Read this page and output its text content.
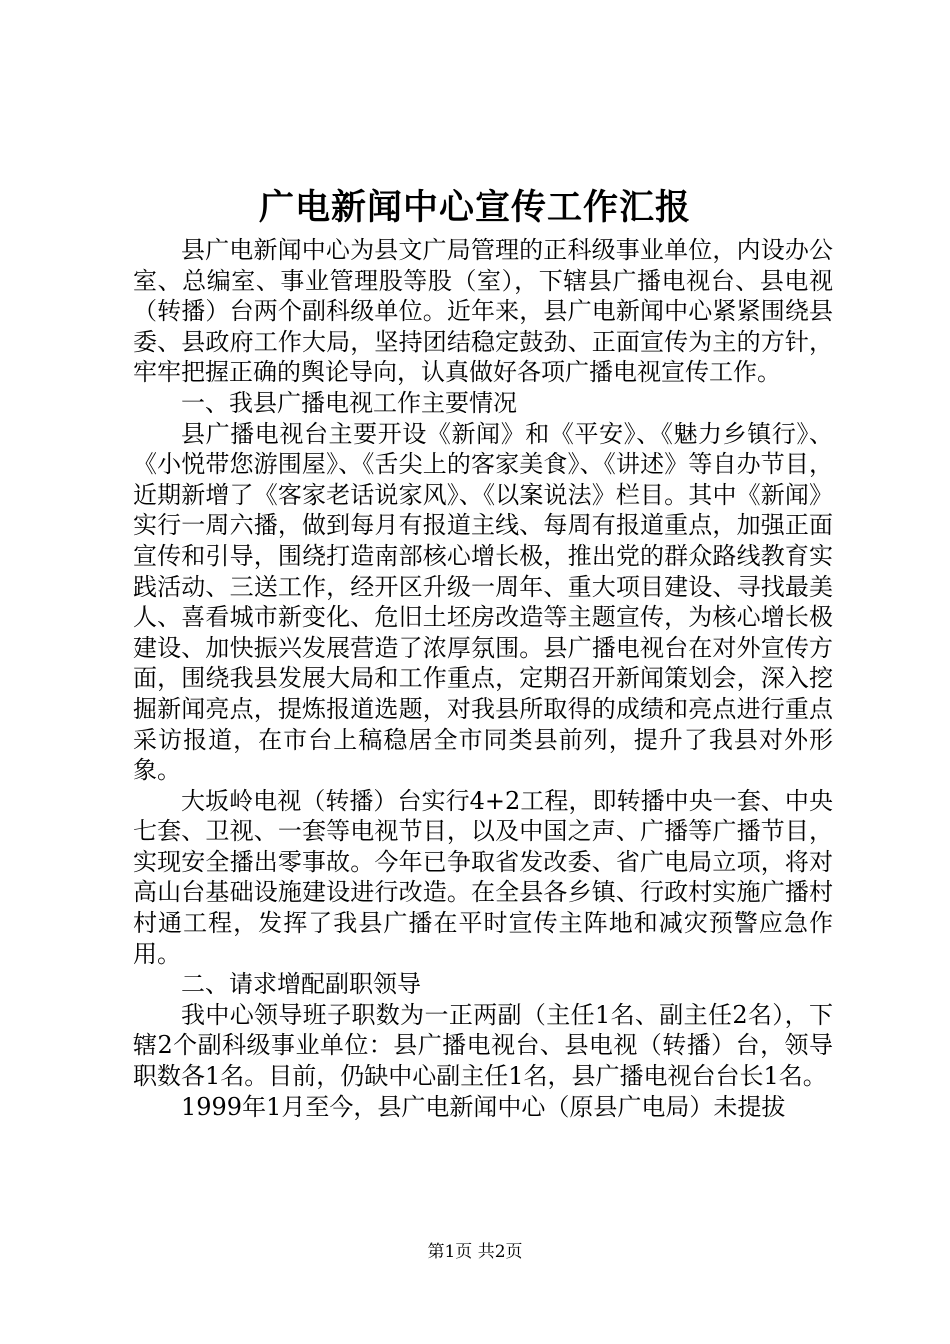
广电新闻中心宣传工作汇报

县广电新闻中心为县文广局管理的正科级事业单位，内设办公室、总编室、事业管理股等股（室），下辖县广播电视台、县电视（转播）台两个副科级单位。近年来，县广电新闻中心紧紧围绕县委、县政府工作大局，坚持团结稳定鼓劲、正面宣传为主的方针，牢牢把握正确的舆论导向，认真做好各项广播电视宣传工作。

一、我县广播电视工作主要情况

县广播电视台主要开设《新闻》和《平安》、《魅力乡镇行》、《小悦带您游围屋》、《舌尖上的客家美食》、《讲述》等自办节目，近期新增了《客家老话说家风》、《以案说法》栏目。其中《新闻》实行一周六播，做到每月有报道主线、每周有报道重点，加强正面宣传和引导，围绕打造南部核心增长极，推出党的群众路线教育实践活动、三送工作，经开区升级一周年、重大项目建设、寻找最美人、喜看城市新变化、危旧土坯房改造等主题宣传，为核心增长极建设、加快振兴发展营造了浓厚氛围。县广播电视台在对外宣传方面，围绕我县发展大局和工作重点，定期召开新闻策划会，深入挖掘新闻亮点，提炼报道选题，对我县所取得的成绩和亮点进行重点采访报道，在市台上稿稳居全市同类县前列，提升了我县对外形象。

大坂岭电视（转播）台实行4+2工程，即转播中央一套、中央七套、卫视、一套等电视节目，以及中国之声、广播等广播节目，实现安全播出零事故。今年已争取省发改委、省广电局立项，将对高山台基础设施建设进行改造。在全县各乡镇、行政村实施广播村村通工程，发挥了我县广播在平时宣传主阵地和减灾预警应急作用。

二、请求增配副职领导

我中心领导班子职数为一正两副（主任1名、副主任2名），下辖2个副科级事业单位：县广播电视台、县电视（转播）台，领导职数各1名。目前，仍缺中心副主任1名，县广播电视台台长1名。

1999年1月至今，县广电新闻中心（原县广电局）未提拔

第1页 共2页
